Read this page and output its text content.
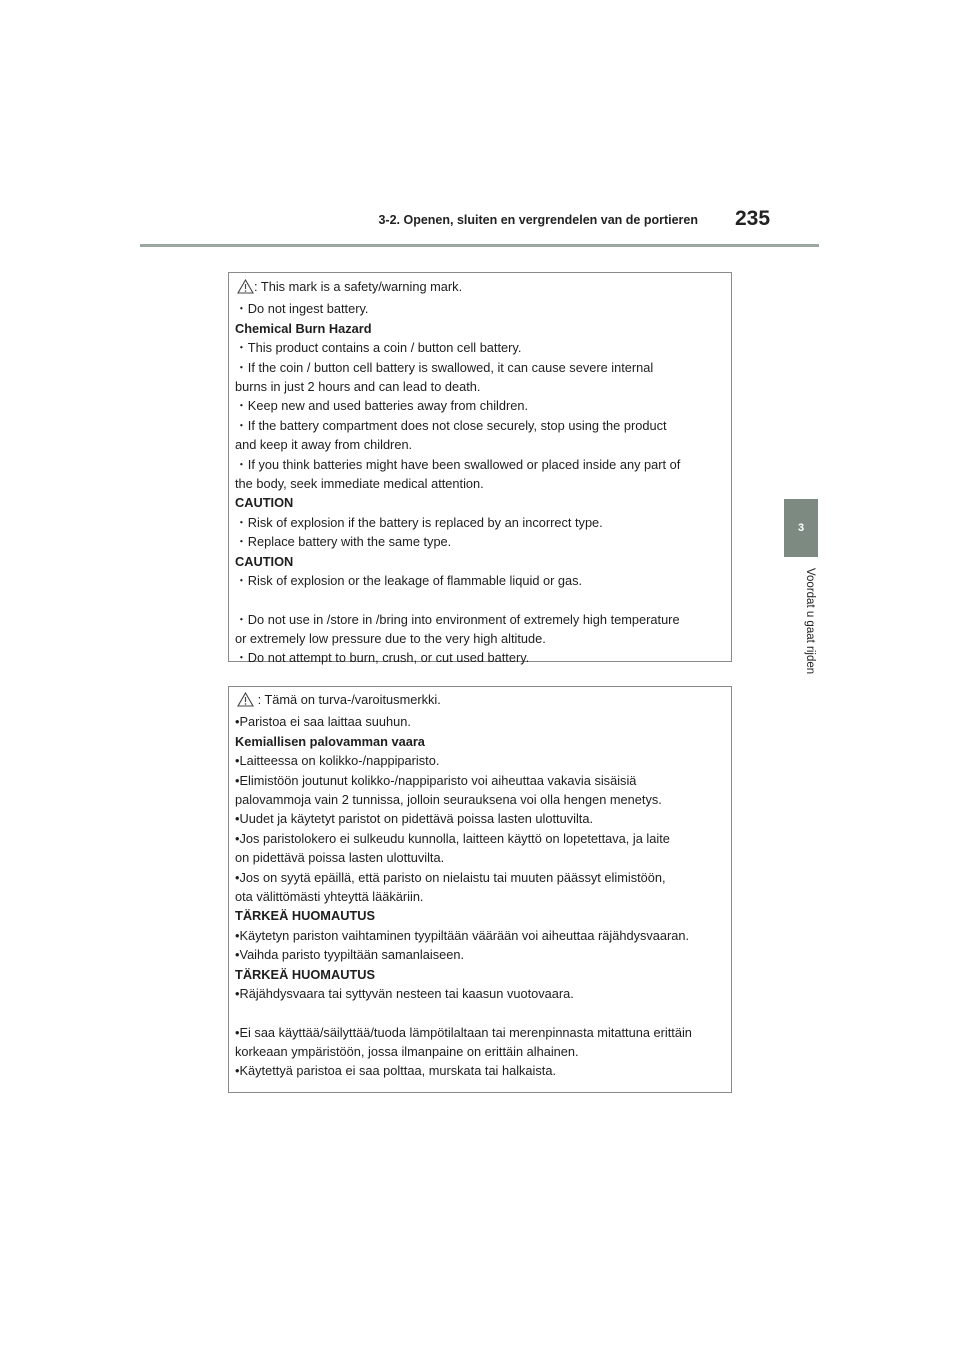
3-2. Openen, sluiten en vergrendelen van de portieren 235
3
Voordat u gaat rijden
: This mark is a safety/warning mark.
・ Do not ingest battery.
Chemical Burn Hazard
・ This product contains a coin / button cell battery.
・ If the coin / button cell battery is swallowed, it can cause severe internal
burns in just 2 hours and can lead to death.
・ Keep new and used batteries away from children.
・ If the battery compartment does not close securely, stop using the product
and keep it away from children.
・ If you think batteries might have been swallowed or placed inside any part of
the body, seek immediate medical attention.
CAUTION
・ Risk of explosion if the battery is replaced by an incorrect type.
・ Replace battery with the same type.
CAUTION
・ Risk of explosion or the leakage of flammable liquid or gas.
・ Do not use in /store in /bring into environment of extremely high temperature
or extremely low pressure due to the very high altitude.
・ Do not attempt to burn, crush, or cut used battery.
: Tämä on turva-/varoitusmerkki.
• Paristoa ei saa laittaa suuhun.
Kemiallisen palovamman vaara
• Laitteessa on kolikko-/nappiparisto.
• Elimistöön joutunut kolikko-/nappiparisto voi aiheuttaa vakavia sisäisiä
palovammoja vain 2 tunnissa, jolloin seurauksena voi olla hengen menetys.
• Uudet ja käytetyt paristot on pidettävä poissa lasten ulottuvilta.
• Jos paristolokero ei sulkeudu kunnolla, laitteen käyttö on lopetettava, ja laite
on pidettävä poissa lasten ulottuvilta.
• Jos on syytä epäillä, että paristo on nielaistu tai muuten päässyt elimistöön,
ota välittömästi yhteyttä lääkäriin.
TÄRKEÄ HUOMAUTUS
• Käytetyn pariston vaihtaminen tyypiltään väärään voi aiheuttaa räjähdysvaaran.
• Vaihda paristo tyypiltään samanlaiseen.
TÄRKEÄ HUOMAUTUS
• Räjähdysvaara tai syttyvän nesteen tai kaasun vuotovaara.
• Ei saa käyttää/säilyttää/tuoda lämpötilaltaan tai merenpinnasta mitattuna erittäin
korkeaan ympäristöön, jossa ilmanpaine on erittäin alhainen.
• Käytettyä paristoa ei saa polttaa, murskata tai halkaista.
